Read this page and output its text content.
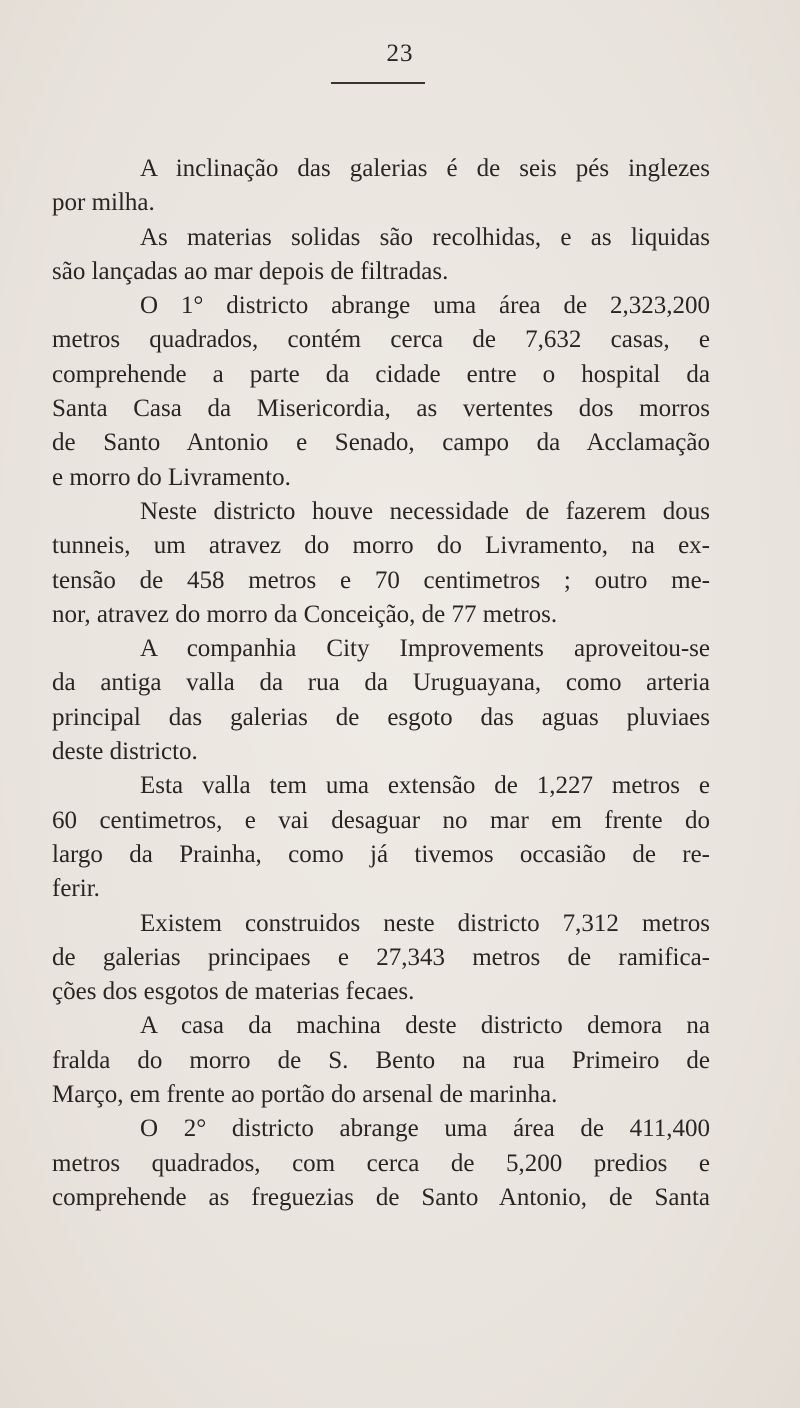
23

A inclinação das galerias é de seis pés inglezes
por milha.

As materias solidas são recolhidas, e as liquidas
são lançadas ao mar depois de filtradas.

O 1° districto abrange uma área de 2,323,200
metros quadrados, contém cerca de 7,632 casas, e
comprehende a parte da cidade entre o hospital da
Santa Casa da Misericordia, as vertentes dos morros
de Santo Antonio e Senado, campo da Acclamação
e morro do Livramento.

Neste districto houve necessidade de fazerem dous
tunneis, um atravez do morro do Livramento, na ex-
tensão de 458 metros e 70 centimetros ; outro me-
nor, atravez do morro da Conceição, de 77 metros.

A companhia City Improvements aproveitou-se
da antiga valla da rua da Uruguayana, como arteria
principal das galerias de esgoto das aguas pluviaes
deste districto.

Esta valla tem uma extensão de 1,227 metros e
60 centimetros, e vai desaguar no mar em frente do
largo da Prainha, como já tivemos occasião de re-
ferir.

Existem construidos neste districto 7,312 metros
de galerias principaes e 27,343 metros de ramifica-
ções dos esgotos de materias fecaes.

A casa da machina deste districto demora na
fralda do morro de S. Bento na rua Primeiro de
Março, em frente ao portão do arsenal de marinha.

O 2° districto abrange uma área de 411,400
metros quadrados, com cerca de 5,200 predios e
comprehende as freguezias de Santo Antonio, de Santa
